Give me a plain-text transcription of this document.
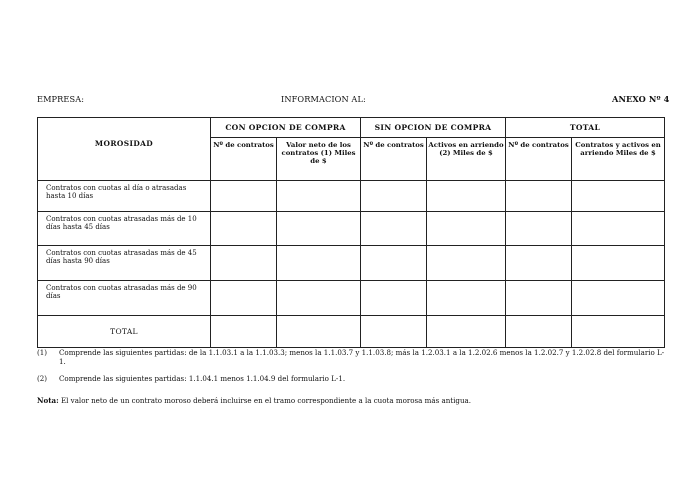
EMPRESA:	INFORMACION AL:	ANEXO Nº 4
MOROSIDAD	CON OPCION DE COMPRA		SIN OPCION DE COMPRA		TOTAL	
	Nº de contratos	Valor neto de los contratos (1) Miles de $	Nº de contratos	Activos en arriendo (2) Miles de $	Nº de contratos	Contratos y activos en arriendo Miles de $
Contratos con cuotas al día o atrasadas hasta 10 días						
Contratos con cuotas atrasadas más de 10 días hasta 45 días						
Contratos con cuotas atrasadas más de 45 días hasta 90 días						
Contratos con cuotas atrasadas más de 90 días						
TOTAL						
(1) Comprende las siguientes partidas: de la 1.1.03.1 a la 1.1.03.3; menos la 1.1.03.7 y 1.1.03.8; más la 1.2.03.1 a la 1.2.02.6 menos la 1.2.02.7 y 1.2.02.8 del formulario L-1.
(2) Comprende las siguientes partidas: 1.1.04.1 menos 1.1.04.9 del formulario L-1.
Nota: El valor neto de un contrato moroso deberá incluirse en el tramo correspondiente a la cuota morosa más antigua.
